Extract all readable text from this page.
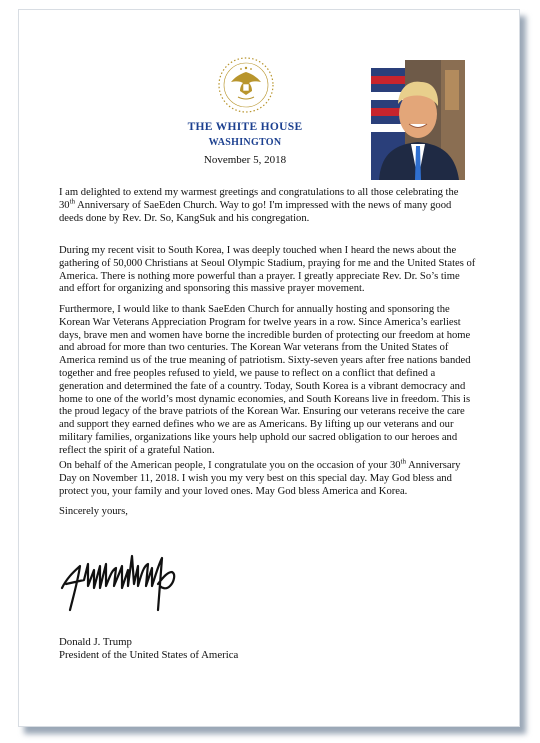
THE WHITE HOUSE
WASHINGTON
November 5, 2018
I am delighted to extend my warmest greetings and congratulations to all those celebrating the 30th Anniversary of SaeEden Church. Way to go! I'm impressed with the news of many good deeds done by Rev. Dr. So, KangSuk and his congregation.
During my recent visit to South Korea, I was deeply touched when I heard the news about the gathering of 50,000 Christians at Seoul Olympic Stadium, praying for me and the United States of America. There is nothing more powerful than a prayer. I greatly appreciate Rev. Dr. So’s time and effort for organizing and sponsoring this massive prayer movement.
Furthermore, I would like to thank SaeEden Church for annually hosting and sponsoring the Korean War Veterans Appreciation Program for twelve years in a row. Since America’s earliest days, brave men and women have borne the incredible burden of protecting our freedom at home and abroad for more than two centuries. The Korean War veterans from the United States of America remind us of the true meaning of patriotism. Sixty-seven years after free nations banded together and free peoples refused to yield, we pause to reflect on a conflict that defined a generation and determined the fate of a country. Today, South Korea is a vibrant democracy and home to one of the world’s most dynamic economies, and South Koreans live in freedom. This is the proud legacy of the brave patriots of the Korean War. Ensuring our veterans receive the care and support they earned defines who we are as Americans. By lifting up our veterans and our military families, organizations like yours help uphold our sacred obligation to our heroes and reflect the spirit of a grateful Nation.
On behalf of the American people, I congratulate you on the occasion of your 30th Anniversary Day on November 11, 2018. I wish you my very best on this special day. May God bless and protect you, your family and your loved ones. May God bless America and Korea.
Sincerely yours,
Donald J. Trump
President of the United States of America
